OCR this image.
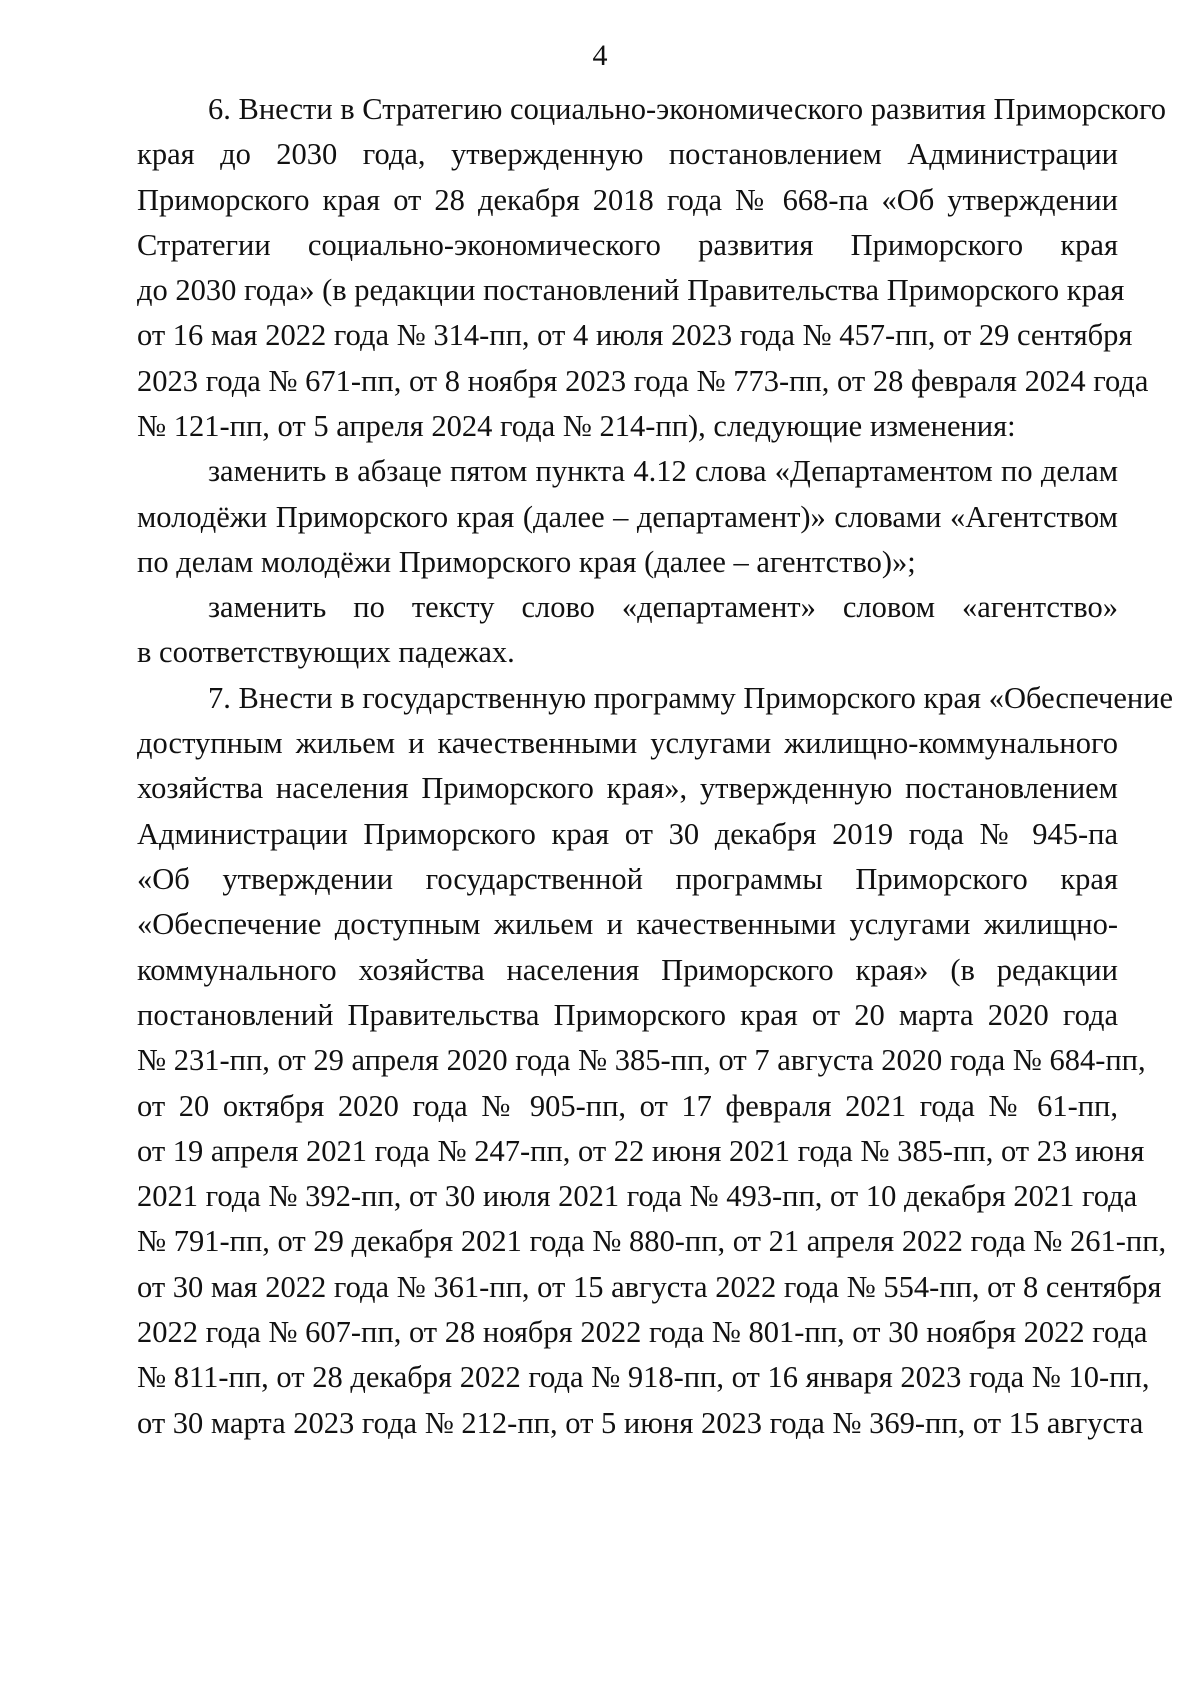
4
6. Внести в Стратегию социально-экономического развития Приморского
края до 2030 года, утвержденную постановлением Администрации
Приморского края от 28 декабря 2018 года № 668-па «Об утверждении
Стратегии социально-экономического развития Приморского края
до 2030 года» (в редакции постановлений Правительства Приморского края
от 16 мая 2022 года № 314-пп, от 4 июля 2023 года № 457-пп, от 29 сентября
2023 года № 671-пп, от 8 ноября 2023 года № 773-пп, от 28 февраля 2024 года
№ 121-пп, от 5 апреля 2024 года № 214-пп), следующие изменения:
заменить в абзаце пятом пункта 4.12 слова «Департаментом по делам
молодёжи Приморского края (далее – департамент)» словами «Агентством
по делам молодёжи Приморского края (далее – агентство)»;
заменить по тексту слово «департамент» словом «агентство»
в соответствующих падежах.
7. Внести в государственную программу Приморского края «Обеспечение
доступным жильем и качественными услугами жилищно-коммунального
хозяйства населения Приморского края», утвержденную постановлением
Администрации Приморского края от 30 декабря 2019 года № 945-па
«Об утверждении государственной программы Приморского края
«Обеспечение доступным жильем и качественными услугами жилищно-
коммунального хозяйства населения Приморского края» (в редакции
постановлений Правительства Приморского края от 20 марта 2020 года
№ 231-пп, от 29 апреля 2020 года № 385-пп, от 7 августа 2020 года № 684-пп,
от 20 октября 2020 года № 905-пп, от 17 февраля 2021 года № 61-пп,
от 19 апреля 2021 года № 247-пп, от 22 июня 2021 года № 385-пп, от 23 июня
2021 года № 392-пп, от 30 июля 2021 года № 493-пп, от 10 декабря 2021 года
№ 791-пп, от 29 декабря 2021 года № 880-пп, от 21 апреля 2022 года № 261-пп,
от 30 мая 2022 года № 361-пп, от 15 августа 2022 года № 554-пп, от 8 сентября
2022 года № 607-пп, от 28 ноября 2022 года № 801-пп, от 30 ноября 2022 года
№ 811-пп, от 28 декабря 2022 года № 918-пп, от 16 января 2023 года № 10-пп,
от 30 марта 2023 года № 212-пп, от 5 июня 2023 года № 369-пп, от 15 августа
